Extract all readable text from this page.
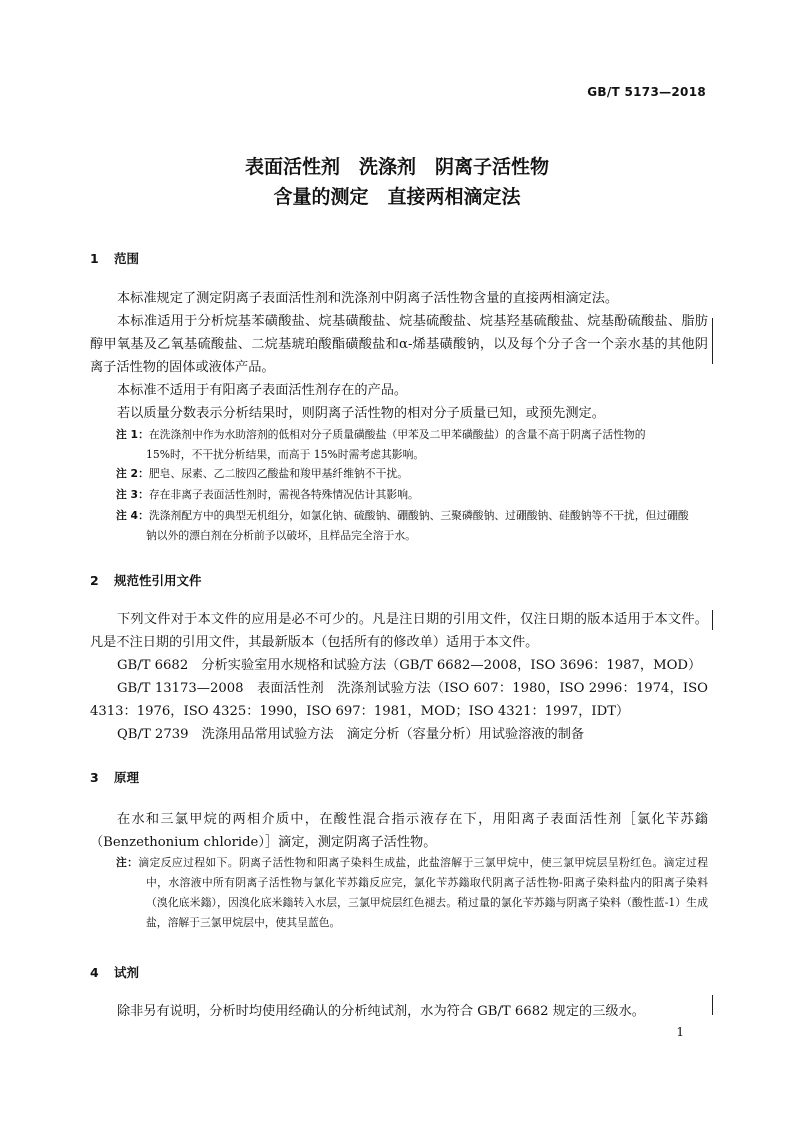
GB/T 5173—2018
表面活性剂　洗涤剂　阴离子活性物
含量的测定　直接两相滴定法
1 范围
本标准规定了测定阴离子表面活性剂和洗涤剂中阴离子活性物含量的直接两相滴定法。
本标准适用于分析烷基苯磺酸盐、烷基磺酸盐、烷基硫酸盐、烷基羟基硫酸盐、烷基酚硫酸盐、脂肪醇甲氧基及乙氧基硫酸盐、二烷基琥珀酸酯磺酸盐和α-烯基磺酸钠，以及每个分子含一个亲水基的其他阴离子活性物的固体或液体产品。
本标准不适用于有阳离子表面活性剂存在的产品。
若以质量分数表示分析结果时，则阴离子活性物的相对分子质量已知，或预先测定。
注 1：在洗涤剂中作为水助溶剂的低相对分子质量磺酸盐（甲苯及二甲苯磺酸盐）的含量不高于阴离子活性物的
15%时，不干扰分析结果，而高于 15%时需考虑其影响。
注 2：肥皂、尿素、乙二胺四乙酸盐和羧甲基纤维钠不干扰。
注 3：存在非离子表面活性剂时，需视各特殊情况估计其影响。
注 4：洗涤剂配方中的典型无机组分，如氯化钠、硫酸钠、硼酸钠、三聚磷酸钠、过硼酸钠、硅酸钠等不干扰，但过硼酸
钠以外的漂白剂在分析前予以破坏，且样品完全溶于水。
2 规范性引用文件
下列文件对于本文件的应用是必不可少的。凡是注日期的引用文件，仅注日期的版本适用于本文件。凡是不注日期的引用文件，其最新版本（包括所有的修改单）适用于本文件。
GB/T 6682　分析实验室用水规格和试验方法（GB/T 6682—2008，ISO 3696：1987，MOD）
GB/T 13173—2008　表面活性剂　洗涤剂试验方法（ISO 607：1980，ISO 2996：1974，ISO 4313：1976，ISO 4325：1990，ISO 697：1981，MOD；ISO 4321：1997，IDT）
QB/T 2739　洗涤用品常用试验方法　滴定分析（容量分析）用试验溶液的制备
3 原理
在水和三氯甲烷的两相介质中，在酸性混合指示液存在下，用阳离子表面活性剂［氯化苄苏鎓（Benzethonium chloride）］滴定，测定阴离子活性物。
注：滴定反应过程如下。阴离子活性物和阳离子染料生成盐，此盐溶解于三氯甲烷中，使三氯甲烷层呈粉红色。滴定过程中，水溶液中所有阴离子活性物与氯化苄苏鎓反应完，氯化苄苏鎓取代阴离子活性物-阳离子染料盐内的阳离子染料（溴化底米鎓），因溴化底米鎓转入水层，三氯甲烷层红色褪去。稍过量的氯化苄苏鎓与阴离子染料（酸性蓝-1）生成盐，溶解于三氯甲烷层中，使其呈蓝色。
4 试剂
除非另有说明，分析时均使用经确认的分析纯试剂，水为符合 GB/T 6682 规定的三级水。
1
